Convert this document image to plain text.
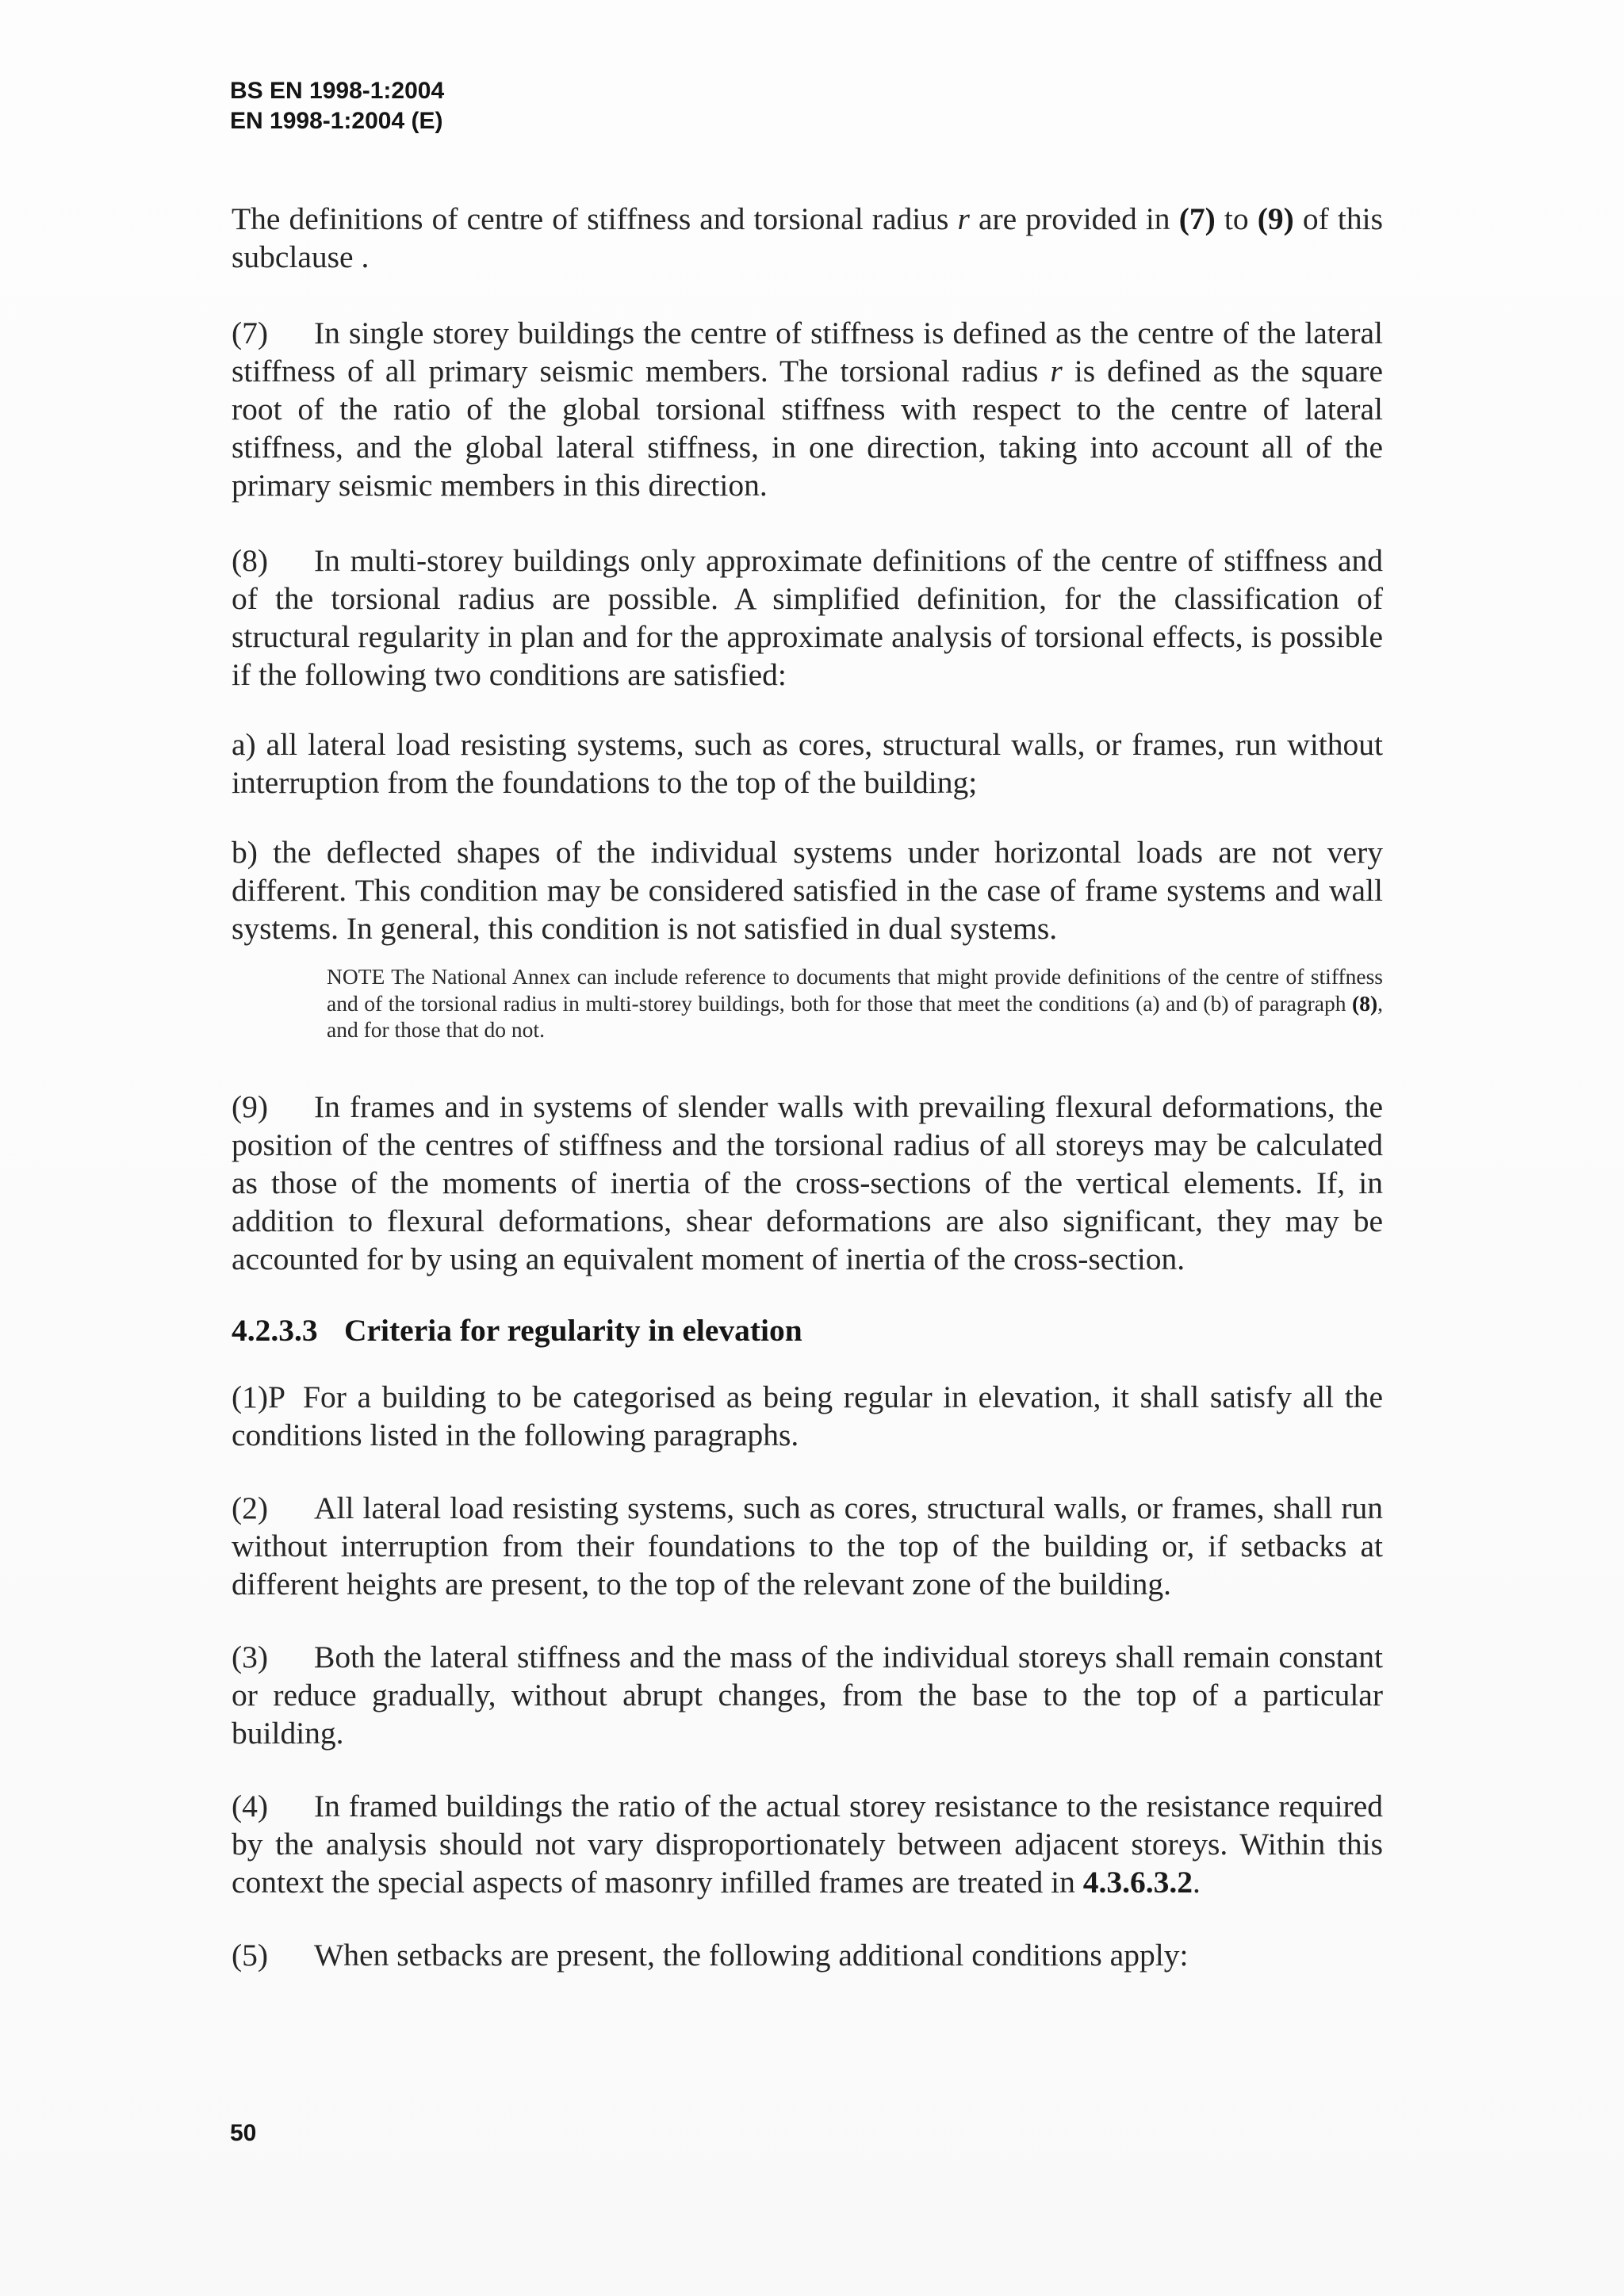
BS EN 1998-1:2004
EN 1998-1:2004 (E)

The definitions of centre of stiffness and torsional radius r are provided in (7) to (9) of this subclause .

(7) In single storey buildings the centre of stiffness is defined as the centre of the lateral stiffness of all primary seismic members. The torsional radius r is defined as the square root of the ratio of the global torsional stiffness with respect to the centre of lateral stiffness, and the global lateral stiffness, in one direction, taking into account all of the primary seismic members in this direction.

(8) In multi-storey buildings only approximate definitions of the centre of stiffness and of the torsional radius are possible. A simplified definition, for the classification of structural regularity in plan and for the approximate analysis of torsional effects, is possible if the following two conditions are satisfied:

a) all lateral load resisting systems, such as cores, structural walls, or frames, run without interruption from the foundations to the top of the building;

b) the deflected shapes of the individual systems under horizontal loads are not very different. This condition may be considered satisfied in the case of frame systems and wall systems. In general, this condition is not satisfied in dual systems.

NOTE The National Annex can include reference to documents that might provide definitions of the centre of stiffness and of the torsional radius in multi-storey buildings, both for those that meet the conditions (a) and (b) of paragraph (8), and for those that do not.

(9) In frames and in systems of slender walls with prevailing flexural deformations, the position of the centres of stiffness and the torsional radius of all storeys may be calculated as those of the moments of inertia of the cross-sections of the vertical elements. If, in addition to flexural deformations, shear deformations are also significant, they may be accounted for by using an equivalent moment of inertia of the cross-section.

4.2.3.3 Criteria for regularity in elevation

(1)P For a building to be categorised as being regular in elevation, it shall satisfy all the conditions listed in the following paragraphs.

(2) All lateral load resisting systems, such as cores, structural walls, or frames, shall run without interruption from their foundations to the top of the building or, if setbacks at different heights are present, to the top of the relevant zone of the building.

(3) Both the lateral stiffness and the mass of the individual storeys shall remain constant or reduce gradually, without abrupt changes, from the base to the top of a particular building.

(4) In framed buildings the ratio of the actual storey resistance to the resistance required by the analysis should not vary disproportionately between adjacent storeys. Within this context the special aspects of masonry infilled frames are treated in 4.3.6.3.2.

(5) When setbacks are present, the following additional conditions apply:

50
